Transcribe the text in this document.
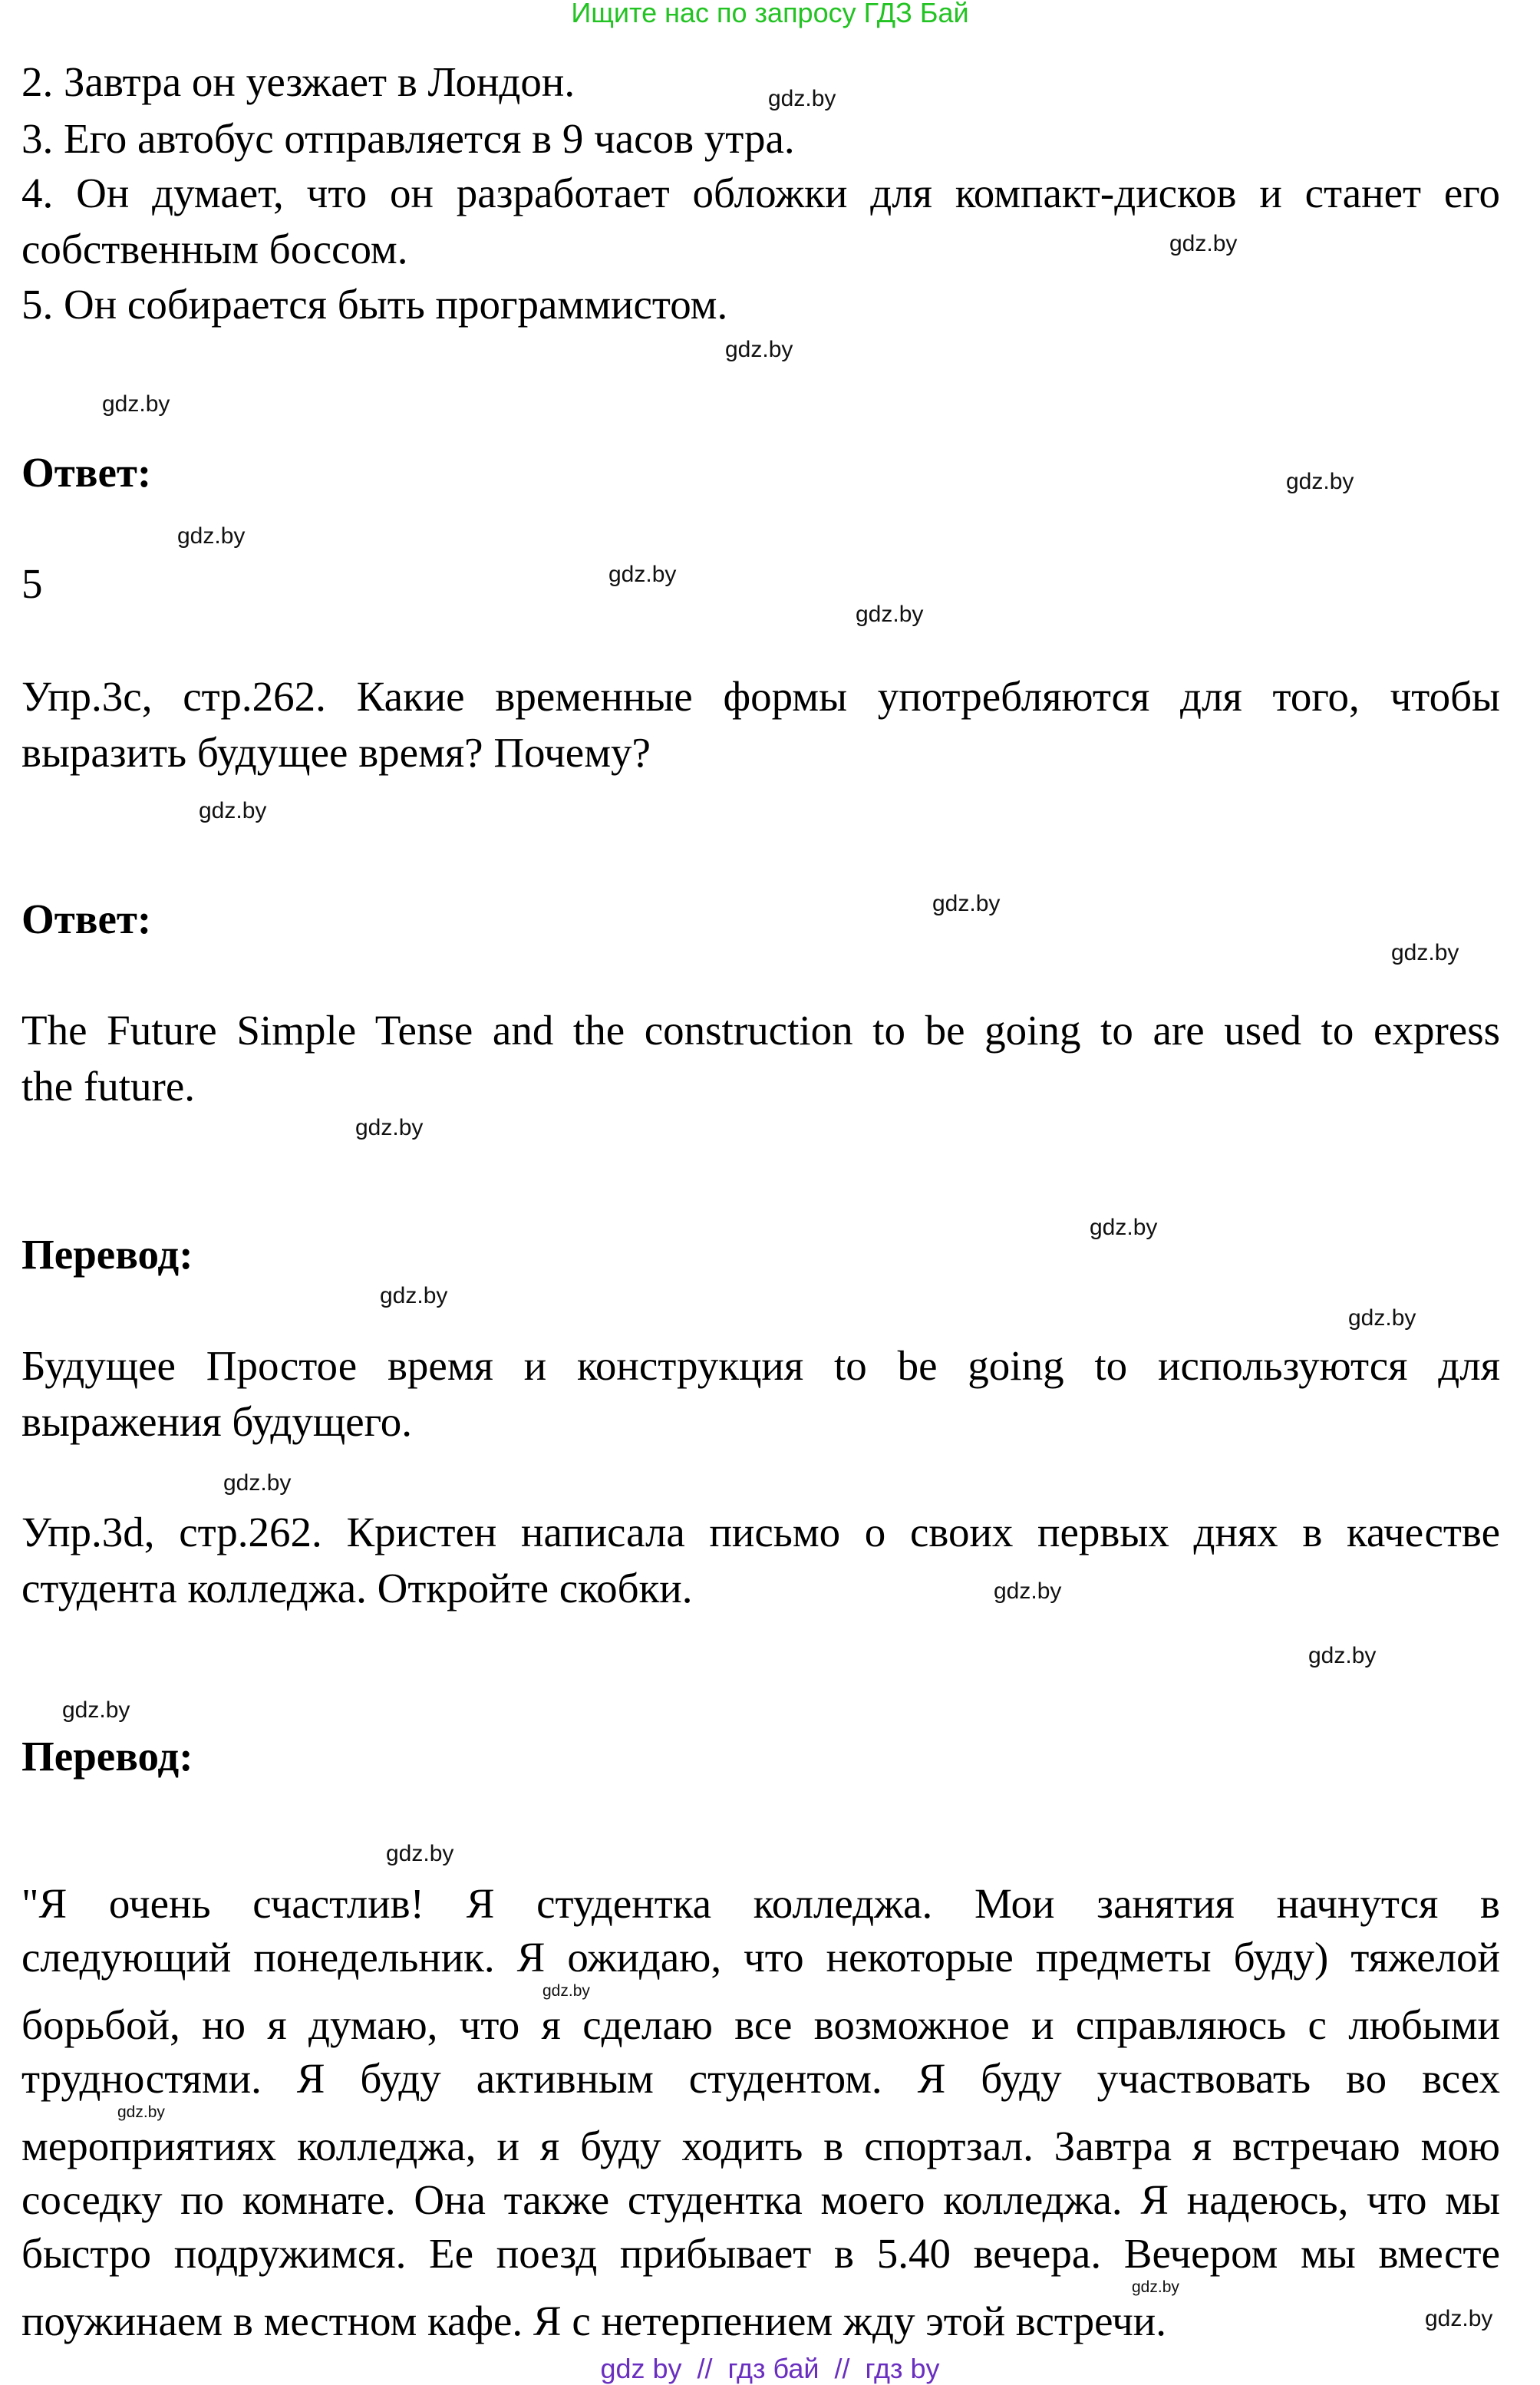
Ищите нас по запросу ГДЗ Бай
2. Завтра он уезжает в Лондон.
3. Его автобус отправляется в 9 часов утра.
4. Он думает, что он разработает обложки для компакт-дисков и станет его
собственным боссом.
5. Он собирается быть программистом.
Ответ:
5
Упр.3с, стр.262. Какие временные формы употребляются для того, чтобы
выразить будущее время? Почему?
Ответ:
The Future Simple Tense and the construction to be going to are used to express
the future.
Перевод:
Будущее Простое время и конструкция to be going to используются для
выражения будущего.
Упр.3d, стр.262. Кристен написала письмо о своих первых днях в качестве
студента колледжа. Откройте скобки.
Перевод:
"Я очень счастлив! Я студентка колледжа. Мои занятия начнутся в
следующий понедельник. Я ожидаю, что некоторые предметы буду) тяжелой
борьбой, но я думаю, что я сделаю все возможное и справляюсь с любыми
трудностями. Я буду активным студентом. Я буду участвовать во всех
мероприятиях колледжа, и я буду ходить в спортзал. Завтра я встречаю мою
соседку по комнате. Она также студентка моего колледжа. Я надеюсь, что мы
быстро подружимся. Ее поезд прибывает в 5.40 вечера. Вечером мы вместе
поужинаем в местном кафе. Я с нетерпением жду этой встречи.
gdz by  //  гдз бай  //  гдз by
gdz.by
gdz.by
gdz.by
gdz.by
gdz.by
gdz.by
gdz.by
gdz.by
gdz.by
gdz.by
gdz.by
gdz.by
gdz.by
gdz.by
gdz.by
gdz.by
gdz.by
gdz.by
gdz.by
gdz.by
gdz.by
gdz.by
gdz.by
gdz.by
